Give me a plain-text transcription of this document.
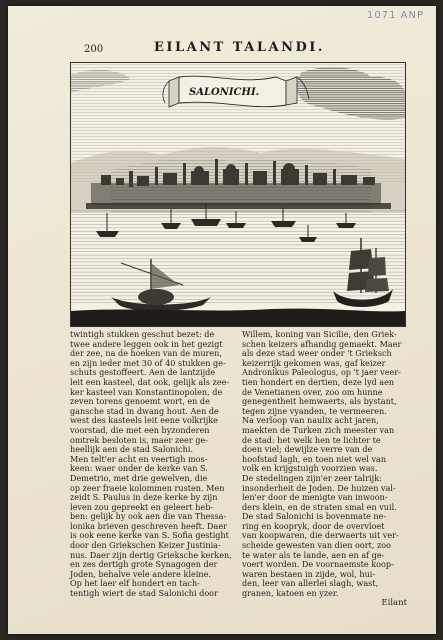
1071 ANP
200	EILANT TALANDI.
SALONICHI.

twintigh stukken geschut bezet: de
twee andere leggen ook in het gezigt
der zee, na de hoeken van de muren,
en zijn ieder met 30 of 40 stukken ge-
schuts gestoffeert. Aen de lantzijde
leit een kasteel, dat ook, gelijk als zee-
ker kasteel van Konstantinopolen, de
zeven torens genoemt wort, en de
gansche stad in dwang hout. Aen de
west des kasteels leit eene volkrijke
voorstad, die met een byzonderen
omtrek besloten is, maer zeer ge-
heellijk aen de stad Salonichi.
Men telt'er acht en veertigh mos-
keen: waer onder de kerke van S.
Demetrio, met drie gewelven, die
op zeer fraeie kolommen rusten. Men
zeidt S. Paulus in deze kerke by zijn
leven zou gepreekt en geleert heb-
ben: gelijk hy ook aen die van Thessa-
lonika brieven geschreven heeft. Daer
is ook eene kerke van S. Sofia gestight
door den Griekschen Keizer Justinia-
nus. Daer zijn dertig Grieksche kerken,
en zes dertigh grote Synagogen der
Joden, behalve vele andere kleine.
Op het laer elf hondert en tach-
tentigh wiert de stad Salonichi door

Willem, koning van Sicilie, den Griek-
schen keizers afhandig gemaekt. Maer
als deze stad weer onder 't Grieksch
keizerrijk gekomen was, gaf keizer
Andronikus Paleologus, op 't jaer veer-
tien hondert en dertien, deze lyd aen
de Venetianen over, zoo om hunne
genegentheit hemwaerts, als bystant,
tegen zijne vyanden, te vermeeren.
Na verloop van naulix acht jaren,
maekten de Turken zich meester van
de stad: het welk hen te lichter te
doen viel; dewijlze verre van de
hoofstad lagh, en toen niet wel van
volk en krijgstuigh voorzien was.
De stedelingen zijn'er zeer talrijk:
insonderheit de Joden. De huizen val-
len'er door de menigte van inwoon-
ders klein, en de straten smal en vuil.
De stad Salonichi is bovenmate ne-
ring en koopryk, door de overvloet
van koopwaren, die derwaerts uit ver-
scheide gewesten van dien oort, zoo
te water als te lande, aen en af ge-
voert worden. De voornaemste koop-
waren bestaen in zijde, wol, hui-
den, leer van allerlei slagh, wast,
granen, katoen en yzer.

Eilant
